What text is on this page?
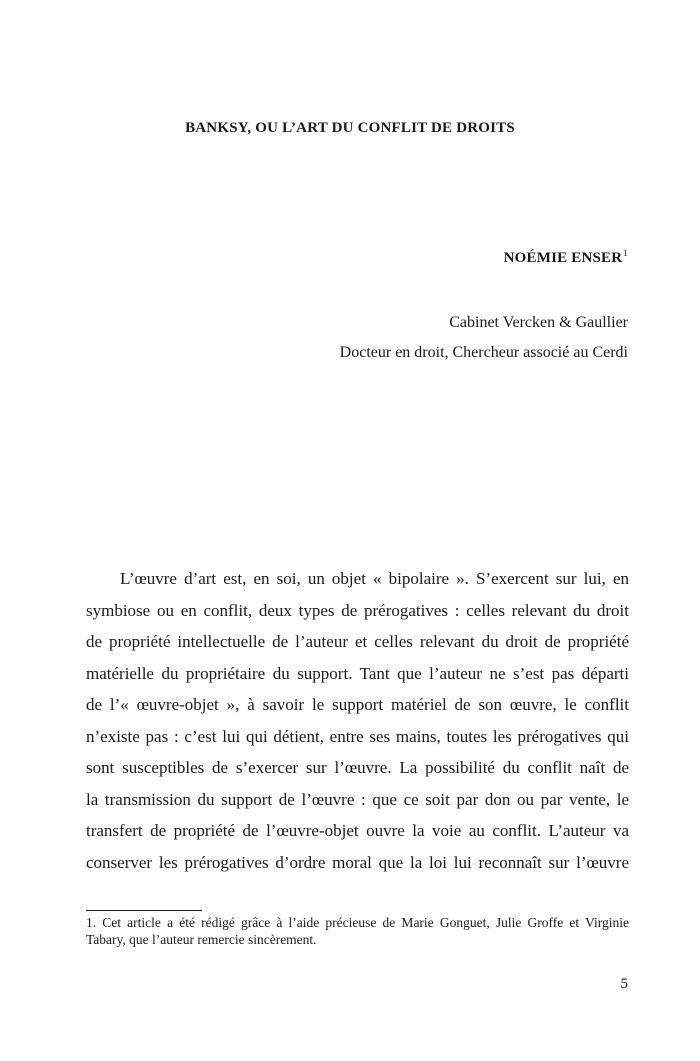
BANKSY, OU L’ART DU CONFLIT DE DROITS
NOÉMIE ENSER$^1$
Cabinet Vercken & Gaullier
Docteur en droit, Chercheur associé au Cerdi
L’œuvre d’art est, en soi, un objet « bipolaire ». S’exercent sur lui, en
symbiose ou en conflit, deux types de prérogatives : celles relevant du droit
de propriété intellectuelle de l’auteur et celles relevant du droit de propriété
matérielle du propriétaire du support. Tant que l’auteur ne s’est pas départi
de l’« œuvre-objet », à savoir le support matériel de son œuvre, le conflit
n’existe pas : c’est lui qui détient, entre ses mains, toutes les prérogatives qui
sont susceptibles de s’exercer sur l’œuvre. La possibilité du conflit naît de
la transmission du support de l’œuvre : que ce soit par don ou par vente, le
transfert de propriété de l’œuvre-objet ouvre la voie au conflit. L’auteur va
conserver les prérogatives d’ordre moral que la loi lui reconnaît sur l’œuvre
1. Cet article a été rédigé grâce à l’aide précieuse de Marie Gonguet, Julie Groffe et Virginie
Tabary, que l’auteur remercie sincèrement.
5
